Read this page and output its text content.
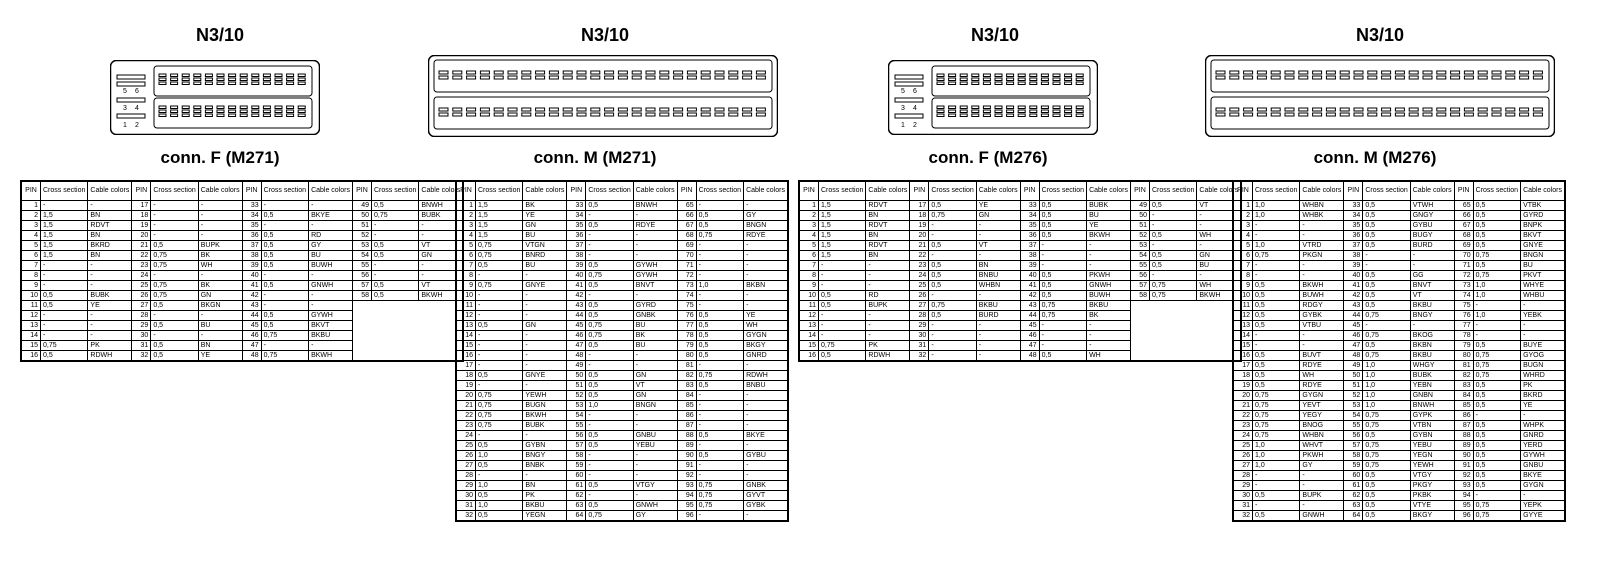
N3/10
5 6
3 4
1 2
conn. F (M271)
PIN	Cross section	Cable colors	PIN	Cross section	Cable colors	PIN	Cross section	Cable colors	PIN	Cross section	Cable colors
1	-	-	17	-	-	33	-	-	49	0,5	BNWH
2	1,5	BN	18	-	-	34	0,5	BKYE	50	0,75	BUBK
3	1,5	RDVT	19	-	-	35	-	-	51	-	-
4	1,5	BN	20	-	-	36	0,5	RD	52	-	-
5	1,5	BKRD	21	0,5	BUPK	37	0,5	GY	53	0,5	VT
6	1,5	BN	22	0,75	BK	38	0,5	BU	54	0,5	GN
7	-	-	23	0,75	WH	39	0,5	BUWH	55	-	-
8	-	-	24	-	-	40	-	-	56	-	-
9	-	-	25	0,75	BK	41	0,5	GNWH	57	0,5	VT
10	0,5	BUBK	26	0,75	GN	42	-	-	58	0,5	BKWH
11	0,5	YE	27	0,5	BKGN	43	-	-			
12	-	-	28	-	-	44	0,5	GYWH			
13	-	-	29	0,5	BU	45	0,5	BKVT			
14	-	-	30	-	-	46	0,75	BKBU			
15	0,75	PK	31	0,5	BN	47	-	-			
16	0,5	RDWH	32	0,5	YE	48	0,75	BKWH			
N3/10
conn. M (M271)
PIN	Cross section	Cable colors	PIN	Cross section	Cable colors	PIN	Cross section	Cable colors
1	1,5	BK	33	0,5	BNWH	65	-	-
2	1,5	YE	34	-	-	66	0,5	GY
3	1,5	GN	35	0,5	RDYE	67	0,5	BNGN
4	1,5	BU	36	-	-	68	0,75	RDYE
5	0,75	VTGN	37	-	-	69	-	-
6	0,75	BNRD	38	-	-	70	-	-
7	0,5	BU	39	0,5	GYWH	71	-	-
8	-	-	40	0,75	GYWH	72	-	-
9	0,75	GNYE	41	0,5	BNVT	73	1,0	BKBN
10	-	-	42	-	-	74	-	-
11	-	-	43	0,5	GYRD	75	-	-
12	-	-	44	0,5	GNBK	76	0,5	YE
13	0,5	GN	45	0,75	BU	77	0,5	WH
14	-	-	46	0,75	BK	78	0,5	GYGN
15	-	-	47	0,5	BU	79	0,5	BKGY
16	-	-	48	-	-	80	0,5	GNRD
17	-	-	49	-	-	81	-	-
18	0,5	GNYE	50	0,5	GN	82	0,75	RDWH
19	-	-	51	0,5	VT	83	0,5	BNBU
20	0,75	YEWH	52	0,5	GN	84	-	-
21	0,75	BUGN	53	1,0	BNGN	85	-	-
22	0,75	BKWH	54	-	-	86	-	-
23	0,75	BUBK	55	-	-	87	-	-
24	-	-	56	0,5	GNBU	88	0,5	BKYE
25	0,5	GYBN	57	0,5	YEBU	89	-	-
26	1,0	BNGY	58	-	-	90	0,5	GYBU
27	0,5	BNBK	59	-	-	91	-	-
28	-	-	60	-	-	92	-	-
29	1,0	BN	61	0,5	VTGY	93	0,75	GNBK
30	0,5	PK	62	-	-	94	0,75	GYVT
31	1,0	BKBU	63	0,5	GNWH	95	0,75	GYBK
32	0,5	YEGN	64	0,75	GY	96	-	-
N3/10
5 6
3 4
1 2
conn. F (M276)
PIN	Cross section	Cable colors	PIN	Cross section	Cable colors	PIN	Cross section	Cable colors	PIN	Cross section	Cable colors
1	1,5	RDVT	17	0,5	YE	33	0,5	BUBK	49	0,5	VT
2	1,5	BN	18	0,75	GN	34	0,5	BU	50	-	-
3	1,5	RDVT	19	-	-	35	0,5	YE	51	-	-
4	1,5	BN	20	-	-	36	0,5	BKWH	52	0,5	WH
5	1,5	RDVT	21	0,5	VT	37	-	-	53	-	-
6	1,5	BN	22	-	-	38	-	-	54	0,5	GN
7	-	-	23	0,5	BN	39	-	-	55	0,5	BU
8	-	-	24	0,5	BNBU	40	0,5	PKWH	56	-	-
9	-	-	25	0,5	WHBN	41	0,5	GNWH	57	0,75	WH
10	0,5	RD	26	-	-	42	0,5	BUWH	58	0,75	BKWH
11	0,5	BUPK	27	0,75	BKBU	43	0,75	BKBU			
12	-	-	28	0,5	BURD	44	0,75	BK			
13	-	-	29	-	-	45	-	-			
14	-	-	30	-	-	46	-	-			
15	0,75	PK	31	-	-	47	-	-			
16	0,5	RDWH	32	-	-	48	0,5	WH			
N3/10
conn. M (M276)
PIN	Cross section	Cable colors	PIN	Cross section	Cable colors	PIN	Cross section	Cable colors
1	1,0	WHBN	33	0,5	VTWH	65	0,5	VTBK
2	1,0	WHBK	34	0,5	GNGY	66	0,5	GYRD
3	-	-	35	0,5	GYBU	67	0,5	BNPK
4	-	-	36	0,5	BUGY	68	0,5	BKVT
5	1,0	VTRD	37	0,5	BURD	69	0,5	GNYE
6	0,75	PKGN	38	-	-	70	0,75	BNGN
7	-	-	39	-	-	71	0,5	BU
8	-	-	40	0,5	GG	72	0,75	PKVT
9	0,5	BKWH	41	0,5	BNVT	73	1,0	WHYE
10	0,5	BUWH	42	0,5	VT	74	1,0	WHBU
11	0,5	RDGY	43	0,5	BKBU	75	-	-
12	0,5	GYBK	44	0,75	BNGY	76	1,0	YEBK
13	0,5	VTBU	45	-	-	77	-	-
14	-	-	46	0,75	BKOG	78	-	-
15	-	-	47	0,5	BKBN	79	0,5	BUYE
16	0,5	BUVT	48	0,75	BKBU	80	0,75	GYOG
17	0,5	RDYE	49	1,0	WHGY	81	0,75	BUGN
18	0,5	WH	50	1,0	BUBK	82	0,75	WHRD
19	0,5	RDYE	51	1,0	YEBN	83	0,5	PK
20	0,75	GYGN	52	1,0	GNBN	84	0,5	BKRD
21	0,75	YEVT	53	1,0	BNWH	85	0,5	YE
22	0,75	YEGY	54	0,75	GYPK	86	-	-
23	0,75	BNOG	55	0,75	VTBN	87	0,5	WHPK
24	0,75	WHBN	56	0,5	GYBN	88	0,5	GNRD
25	1,0	WHVT	57	0,75	YEBU	89	0,5	YERD
26	1,0	PKWH	58	0,75	YEGN	90	0,5	GYWH
27	1,0	GY	59	0,75	YEWH	91	0,5	GNBU
28	-	-	60	0,5	VTGY	92	0,5	BKYE
29	-	-	61	0,5	PKGY	93	0,5	GYGN
30	0,5	BUPK	62	0,5	PKBK	94	-	-
31	-	-	63	0,5	VTYE	95	0,75	YEPK
32	0,5	GNWH	64	0,5	BKGY	96	0,75	GYYE
